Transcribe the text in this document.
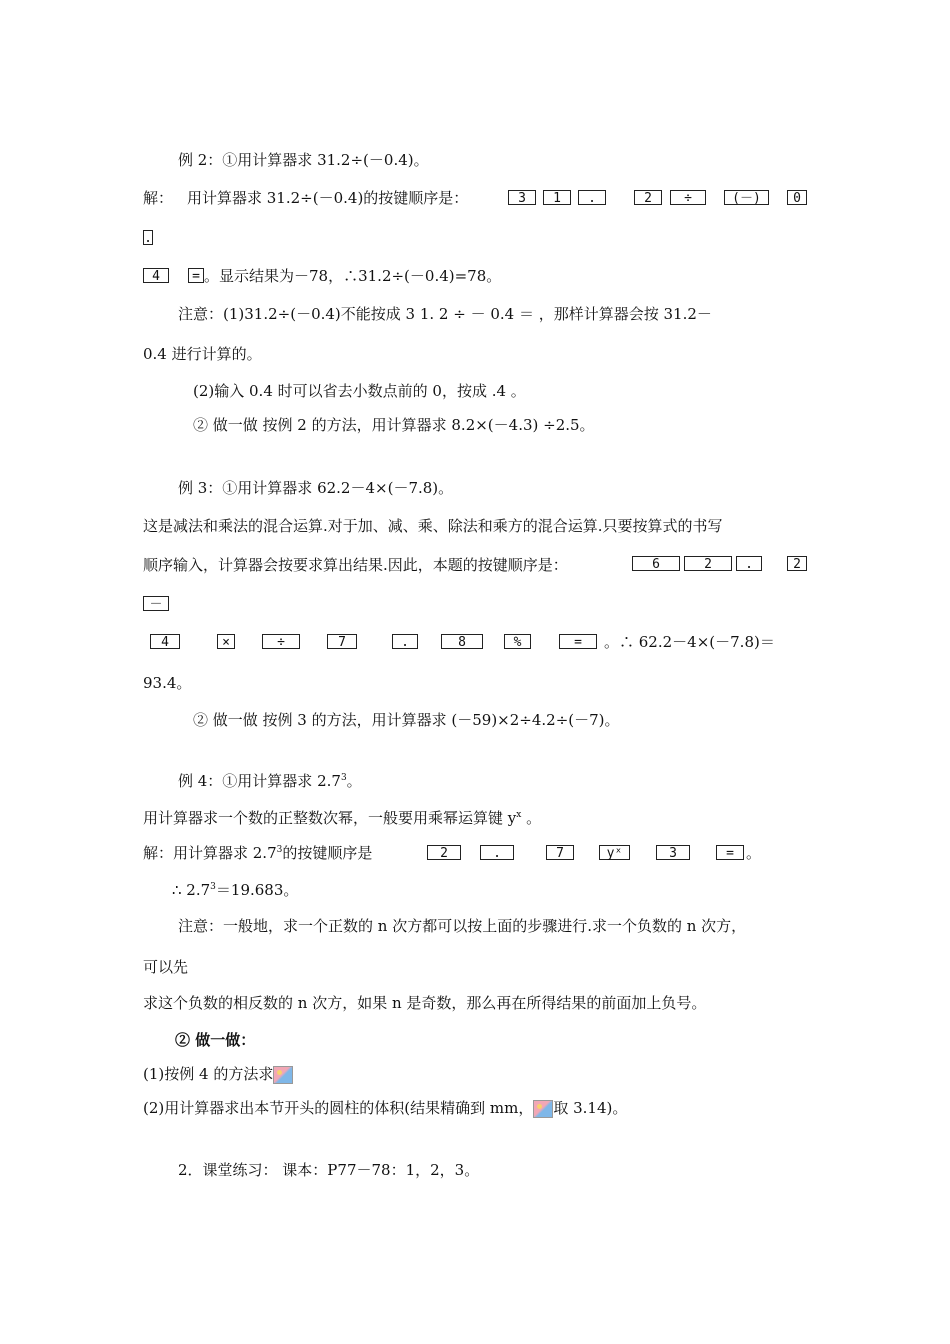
例 2：①用计算器求 31.2÷(－0.4)。
解： 用计算器求 31.2÷(－0.4)的按键顺序是：	3	1	.	2	÷	(－)	0
.
4	= 。显示结果为－78，∴31.2÷(－0.4)=78。
注意：(1)31.2÷(－0.4)不能按成 3 1. 2 ÷ － 0.4 ＝ ，那样计算器会按 31.2－
0.4 进行计算的。
(2)输入 0.4 时可以省去小数点前的 0，按成 .4 。
② 做一做 按例 2 的方法，用计算器求 8.2×(－4.3) ÷2.5。
例 3：①用计算器求 62.2－4×(－7.8)。
这是减法和乘法的混合运算.对于加、减、乘、除法和乘方的混合运算.只要按算式的书写
顺序输入，计算器会按要求算出结果.因此，本题的按键顺序是：	6	2	.	2
－
4	×	÷	7	.	8	%	=	。∴ 62.2－4×(－7.8)＝
93.4。
② 做一做 按例 3 的方法，用计算器求 (－59)×2÷4.2÷(－7)。
例 4：①用计算器求 $2.7^3$。
用计算器求一个数的正整数次幂，一般要用乘幂运算键 $y^x$ 。
解：用计算器求 $2.7^3$的按键顺序是	2	.	7	yˣ	3	= 。
∴ $2.7^3=19.683$。
注意：一般地，求一个正数的 n 次方都可以按上面的步骤进行.求一个负数的 n 次方，
可以先
求这个负数的相反数的 n 次方，如果 n 是奇数，那么再在所得结果的前面加上负号。
② 做一做：
(1)按例 4 的方法求
(2)用计算器求出本节开头的圆柱的体积(结果精确到 mm， 取 3.14)。
2．课堂练习： 课本：P77－78：1，2，3。
